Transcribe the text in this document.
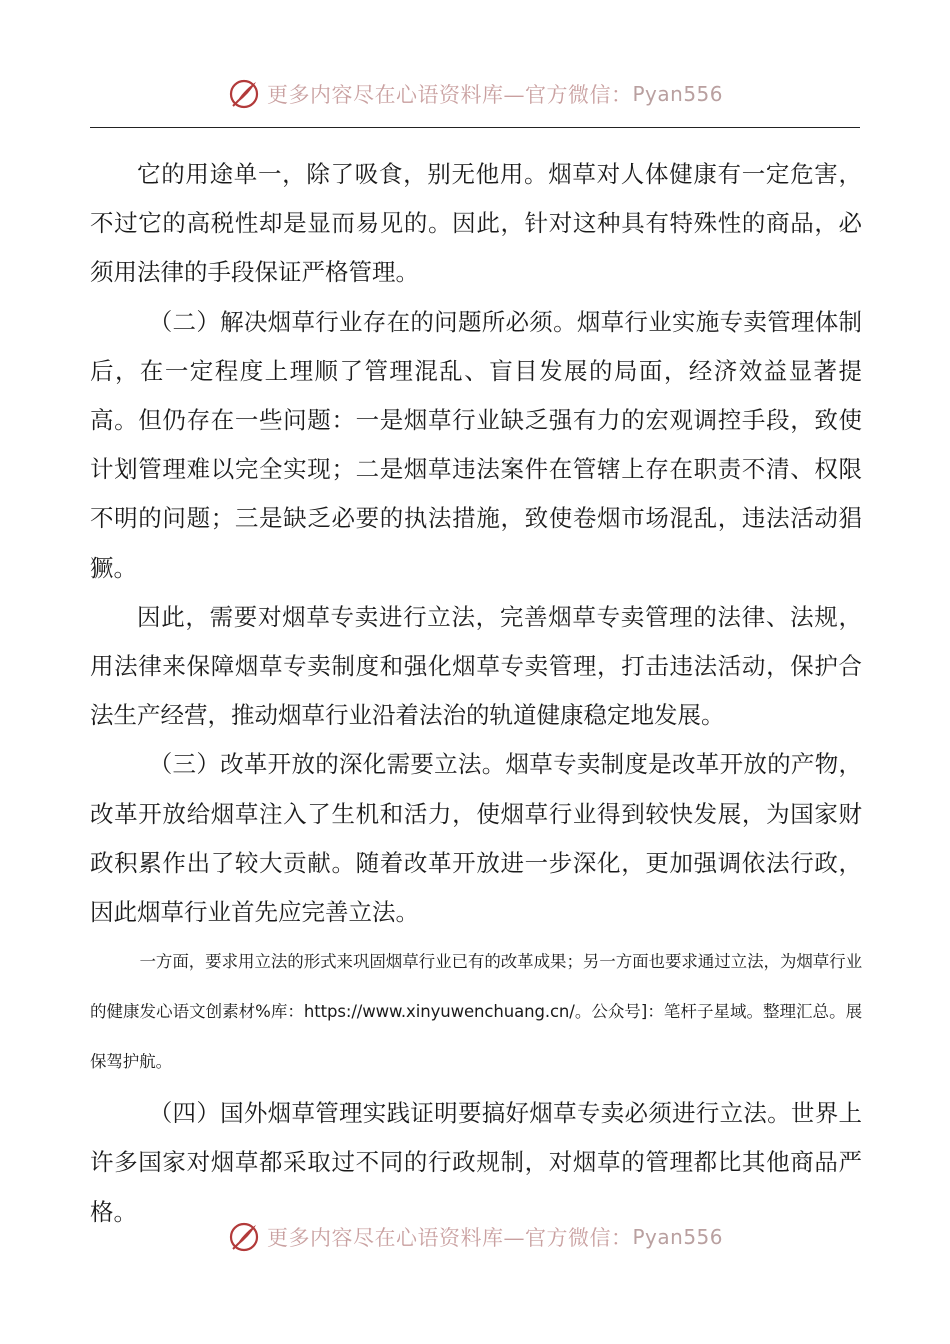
更多内容尽在心语资料库—官方微信： Pyan556

它的用途单一，除了吸食，别无他用。烟草对人体健康有一定危害，不过它的高税性却是显而易见的。因此，针对这种具有特殊性的商品，必须用法律的手段保证严格管理。

（二）解决烟草行业存在的问题所必须。烟草行业实施专卖管理体制后，在一定程度上理顺了管理混乱、盲目发展的局面，经济效益显著提高。但仍存在一些问题：一是烟草行业缺乏强有力的宏观调控手段，致使计划管理难以完全实现；二是烟草违法案件在管辖上存在职责不清、权限不明的问题；三是缺乏必要的执法措施，致使卷烟市场混乱，违法活动猖獗。

因此，需要对烟草专卖进行立法，完善烟草专卖管理的法律、法规，用法律来保障烟草专卖制度和强化烟草专卖管理，打击违法活动，保护合法生产经营，推动烟草行业沿着法治的轨道健康稳定地发展。

（三）改革开放的深化需要立法。烟草专卖制度是改革开放的产物，改革开放给烟草注入了生机和活力，使烟草行业得到较快发展，为国家财政积累作出了较大贡献。随着改革开放进一步深化，更加强调依法行政，因此烟草行业首先应完善立法。

一方面，要求用立法的形式来巩固烟草行业已有的改革成果；另一方面也要求通过立法，为烟草行业的健康发心语文创素材%库：https://www.xinyuwenchuang.cn/。公众号]：笔杆子星域。整理汇总。展保驾护航。

（四）国外烟草管理实践证明要搞好烟草专卖必须进行立法。世界上许多国家对烟草都采取过不同的行政规制，对烟草的管理都比其他商品严格。

更多内容尽在心语资料库—官方微信： Pyan556
